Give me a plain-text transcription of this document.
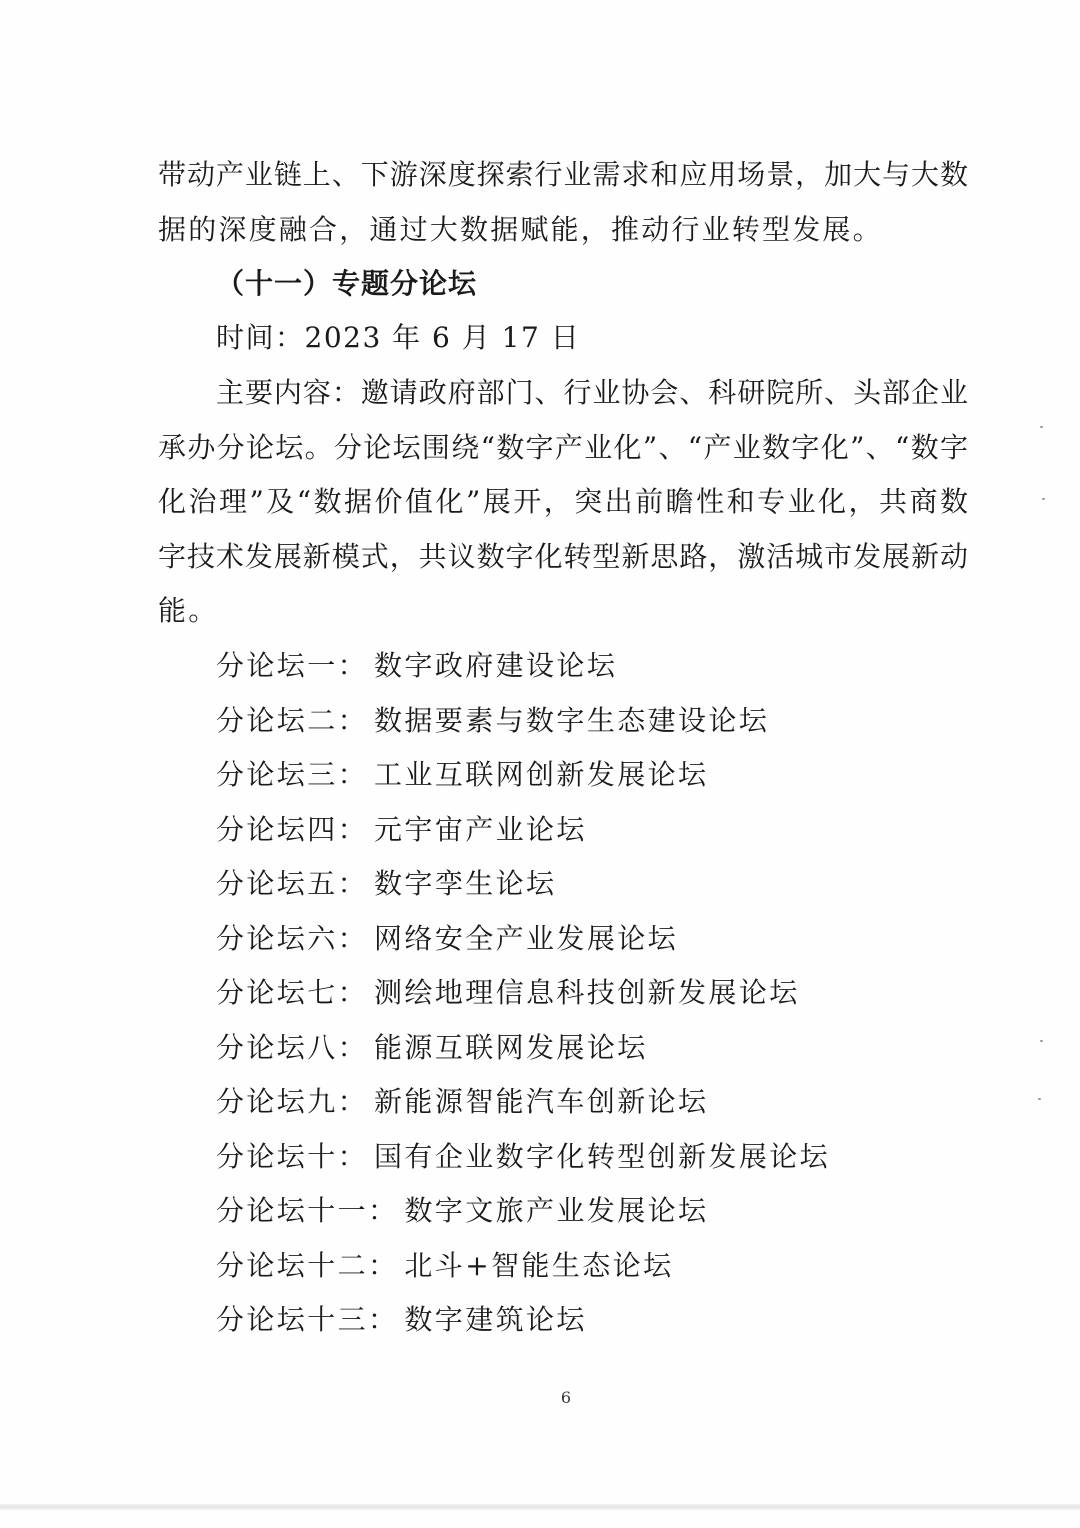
带动产业链上、下游深度探索行业需求和应用场景，加大与大数
据的深度融合，通过大数据赋能，推动行业转型发展。
（十一）专题分论坛
时间：2023 年 6 月 17 日
主要内容：邀请政府部门、行业协会、科研院所、头部企业
承办分论坛。分论坛围绕“数字产业化”、“产业数字化”、“数字
化治理”及“数据价值化”展开，突出前瞻性和专业化，共商数
字技术发展新模式，共议数字化转型新思路，激活城市发展新动
能。
分论坛一： 数字政府建设论坛
分论坛二： 数据要素与数字生态建设论坛
分论坛三： 工业互联网创新发展论坛
分论坛四： 元宇宙产业论坛
分论坛五： 数字孪生论坛
分论坛六： 网络安全产业发展论坛
分论坛七： 测绘地理信息科技创新发展论坛
分论坛八： 能源互联网发展论坛
分论坛九： 新能源智能汽车创新论坛
分论坛十： 国有企业数字化转型创新发展论坛
分论坛十一： 数字文旅产业发展论坛
分论坛十二： 北斗+智能生态论坛
分论坛十三： 数字建筑论坛
6
